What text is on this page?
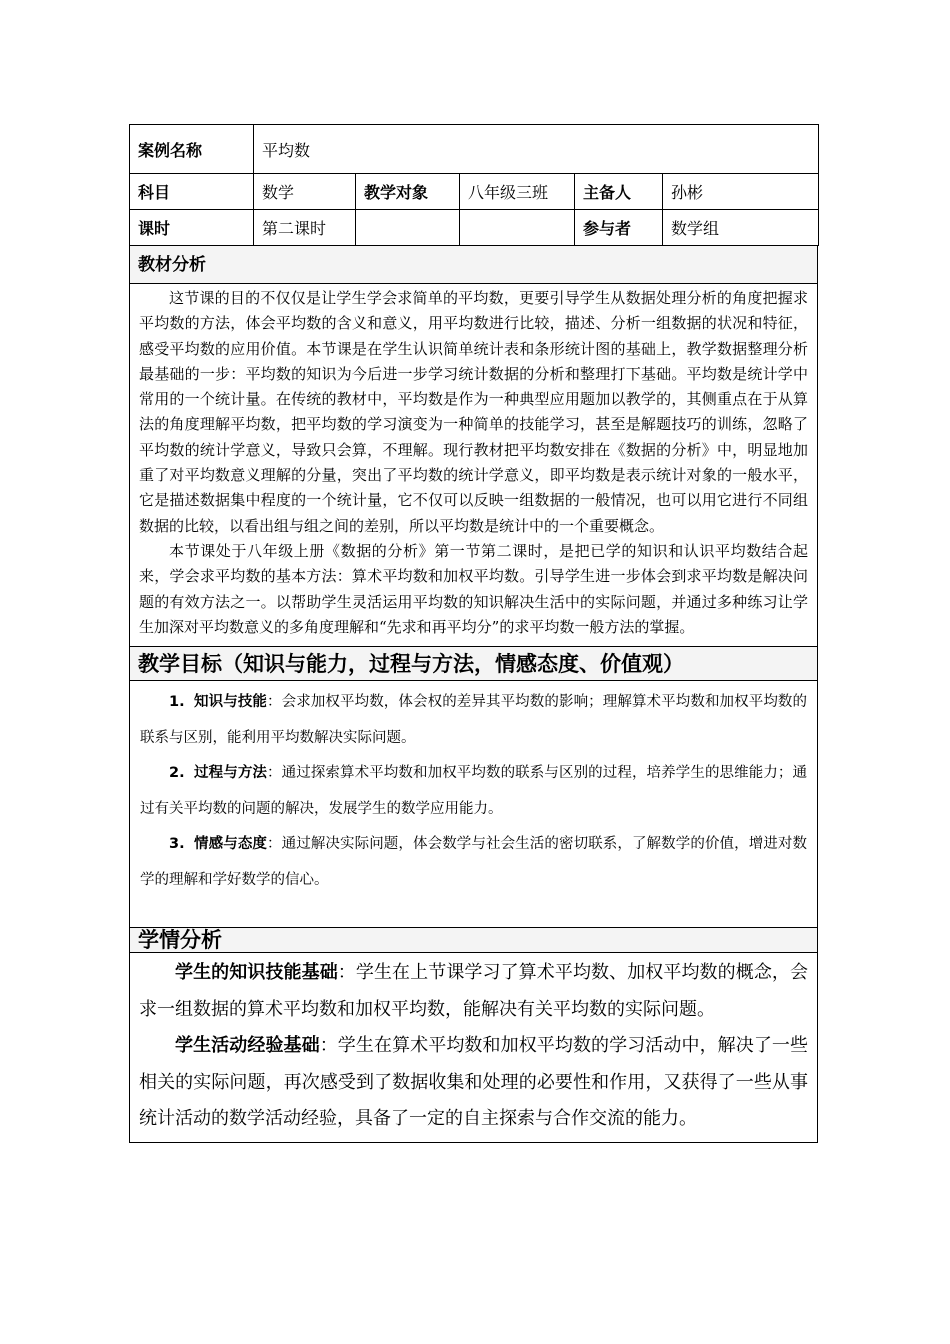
案例名称	平均数				
科目	数学	教学对象	八年级三班	主备人	孙彬
课时	第二课时			参与者	数学组
教材分析

这节课的目的不仅仅是让学生学会求简单的平均数，更要引导学生从数据处理分析的角度把握求平均数的方法，体会平均数的含义和意义，用平均数进行比较，描述、分析一组数据的状况和特征，感受平均数的应用价值。本节课是在学生认识简单统计表和条形统计图的基础上，教学数据整理分析最基础的一步：平均数的知识为今后进一步学习统计数据的分析和整理打下基础。平均数是统计学中常用的一个统计量。在传统的教材中，平均数是作为一种典型应用题加以教学的，其侧重点在于从算法的角度理解平均数，把平均数的学习演变为一种简单的技能学习，甚至是解题技巧的训练，忽略了平均数的统计学意义，导致只会算，不理解。现行教材把平均数安排在《数据的分析》中，明显地加重了对平均数意义理解的分量，突出了平均数的统计学意义，即平均数是表示统计对象的一般水平，它是描述数据集中程度的一个统计量，它不仅可以反映一组数据的一般情况，也可以用它进行不同组数据的比较，以看出组与组之间的差别，所以平均数是统计中的一个重要概念。

本节课处于八年级上册《数据的分析》第一节第二课时，是把已学的知识和认识平均数结合起来，学会求平均数的基本方法：算术平均数和加权平均数。引导学生进一步体会到求平均数是解决问题的有效方法之一。以帮助学生灵活运用平均数的知识解决生活中的实际问题，并通过多种练习让学生加深对平均数意义的多角度理解和“先求和再平均分”的求平均数一般方法的掌握。

教学目标（知识与能力，过程与方法，情感态度、价值观）

1. 知识与技能：会求加权平均数，体会权的差异其平均数的影响；理解算术平均数和加权平均数的联系与区别，能利用平均数解决实际问题。

2. 过程与方法：通过探索算术平均数和加权平均数的联系与区别的过程，培养学生的思维能力；通过有关平均数的问题的解决，发展学生的数学应用能力。

3. 情感与态度：通过解决实际问题，体会数学与社会生活的密切联系，了解数学的价值，增进对数学的理解和学好数学的信心。

学情分析

学生的知识技能基础：学生在上节课学习了算术平均数、加权平均数的概念，会求一组数据的算术平均数和加权平均数，能解决有关平均数的实际问题。

学生活动经验基础：学生在算术平均数和加权平均数的学习活动中，解决了一些相关的实际问题，再次感受到了数据收集和处理的必要性和作用，又获得了一些从事统计活动的数学活动经验，具备了一定的自主探索与合作交流的能力。
